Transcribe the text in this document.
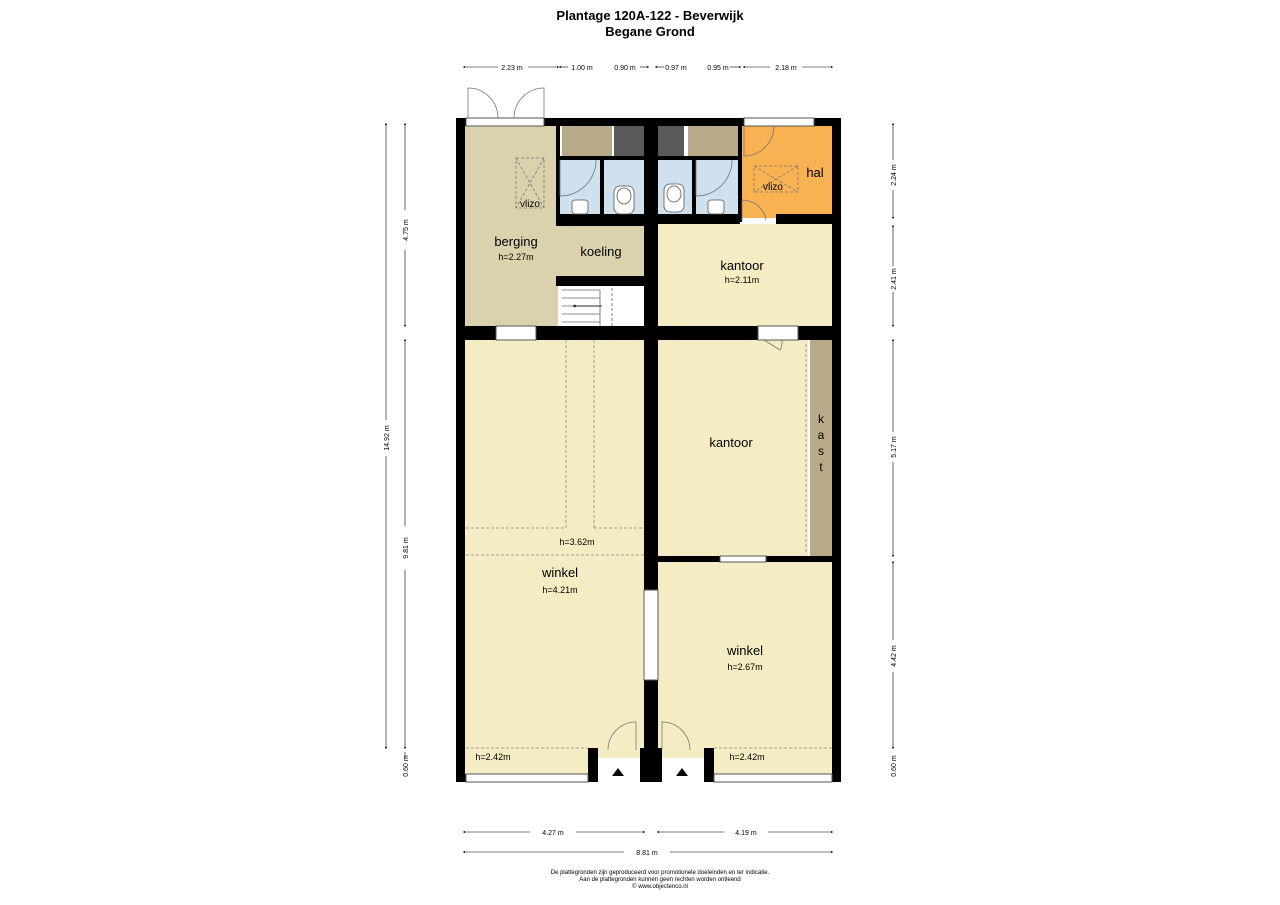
Plantage 120A-122 - Beverwijk
Begane Grond
2.23 m	1.00 m	0.90 m	0.97 m	0.95 m	2.18 m
14.92 m
4.75 m
9.81 m
0.60 m
2.24 m
2.41 m
5.17 m
4.42 m
0.60 m
4.27 m	4.19 m
8.81 m
berging
h=2.27m
vlizo
koeling
hal
vlizo
kantoor
h=2.11m
kantoor
k
a
s
t
h=3.62m
winkel
h=4.21m
h=2.42m
winkel
h=2.67m
h=2.42m
De plattegronden zijn geproduceerd voor promotionele doeleinden en ter indicatie.
Aan de plattegronden kunnen geen rechten worden ontleend
© www.objectenco.nl
